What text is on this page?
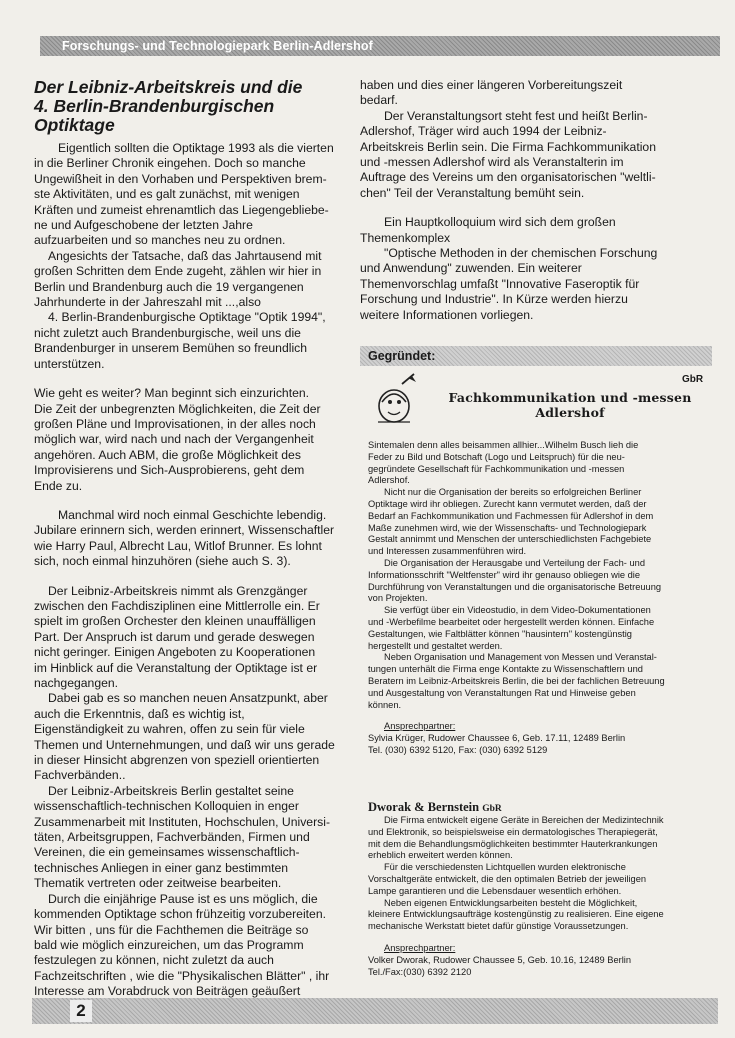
Forschungs- und Technologiepark Berlin-Adlershof
Der Leibniz-Arbeitskreis und die
4. Berlin-Brandenburgischen
Optiktage

Eigentlich sollten die Optiktage 1993 als die vierten
in die Berliner Chronik eingehen. Doch so manche
Ungewißheit in den Vorhaben und Perspektiven brem-
ste Aktivitäten, und es galt zunächst, mit wenigen
Kräften und zumeist ehrenamtlich das Liegengebliebe-
ne und Aufgeschobene der letzten Jahre
aufzuarbeiten und so manches neu zu ordnen.

Angesichts der Tatsache, daß das Jahrtausend mit
großen Schritten dem Ende zugeht, zählen wir hier in
Berlin und Brandenburg auch die 19 vergangenen
Jahrhunderte in der Jahreszahl mit ...,also

4. Berlin-Brandenburgische Optiktage "Optik 1994",
nicht zuletzt auch Brandenburgische, weil uns die
Brandenburger in unserem Bemühen so freundlich
unterstützen.

Wie geht es weiter? Man beginnt sich einzurichten.
Die Zeit der unbegrenzten Möglichkeiten, die Zeit der
großen Pläne und Improvisationen, in der alles noch
möglich war, wird nach und nach der Vergangenheit
angehören. Auch ABM, die große Möglichkeit des
Improvisierens und Sich-Ausprobierens, geht dem
Ende zu.

Manchmal wird noch einmal Geschichte lebendig.
Jubilare erinnern sich, werden erinnert, Wissenschaftler
wie Harry Paul, Albrecht Lau, Witlof Brunner. Es lohnt
sich, noch einmal hinzuhören (siehe auch S. 3).

Der Leibniz-Arbeitskreis nimmt als Grenzgänger
zwischen den Fachdisziplinen eine Mittlerrolle ein. Er
spielt im großen Orchester den kleinen unauffälligen
Part. Der Anspruch ist darum und gerade deswegen
nicht geringer. Einigen Angeboten zu Kooperationen
im Hinblick auf die Veranstaltung der Optiktage ist er
nachgegangen.

Dabei gab es so manchen neuen Ansatzpunkt, aber
auch die Erkenntnis, daß es wichtig ist,
Eigenständigkeit zu wahren, offen zu sein für viele
Themen und Unternehmungen, und daß wir uns gerade
in dieser Hinsicht abgrenzen von speziell orientierten
Fachverbänden..

Der Leibniz-Arbeitskreis Berlin gestaltet seine
wissenschaftlich-technischen Kolloquien in enger
Zusammenarbeit mit Instituten, Hochschulen, Universi-
täten, Arbeitsgruppen, Fachverbänden, Firmen und
Vereinen, die ein gemeinsames wissenschaftlich-
technisches Anliegen in einer ganz bestimmten
Thematik vertreten oder zeitweise bearbeiten.

Durch die einjährige Pause ist es uns möglich, die
kommenden Optiktage schon frühzeitig vorzubereiten.
Wir bitten , uns für die Fachthemen die Beiträge so
bald wie möglich einzureichen, um das Programm
festzulegen zu können, nicht zuletzt da auch
Fachzeitschriften , wie die "Physikalischen Blätter" , ihr
Interesse am Vorabdruck von Beiträgen geäußert

haben und dies einer längeren Vorbereitungszeit
bedarf.

Der Veranstaltungsort steht fest und heißt Berlin-
Adlershof, Träger wird auch 1994 der Leibniz-
Arbeitskreis Berlin sein. Die Firma Fachkommunikation
und -messen Adlershof wird als Veranstalterin im
Auftrage des Vereins um den organisatorischen "weltli-
chen" Teil der Veranstaltung bemüht sein.

Ein Hauptkolloquium wird sich dem großen
Themenkomplex

"Optische Methoden in der chemischen Forschung
und Anwendung" zuwenden. Ein weiterer
Themenvorschlag umfaßt "Innovative Faseroptik für
Forschung und Industrie". In Kürze werden hierzu
weitere Informationen vorliegen.

Gegründet:
GbR
Fachkommunikation und -messen Adlershof

Sintemalen denn alles beisammen allhier...Wilhelm Busch lieh die
Feder zu Bild und Botschaft (Logo und Leitspruch) für die neu-
gegründete Gesellschaft für Fachkommunikation und -messen
Adlershof.

Nicht nur die Organisation der bereits so erfolgreichen Berliner
Optiktage wird ihr obliegen. Zurecht kann vermutet werden, daß der
Bedarf an Fachkommunikation und Fachmessen für Adlershof in dem
Maße zunehmen wird, wie der Wissenschafts- und Technologiepark
Gestalt annimmt und Menschen der unterschiedlichsten Fachgebiete
und Interessen zusammenführen wird.

Die Organisation der Herausgabe und Verteilung der Fach- und
Informationsschrift "Weltfenster" wird ihr genauso obliegen wie die
Durchführung von Veranstaltungen und die organisatorische Betreuung
von Projekten.

Sie verfügt über ein Videostudio, in dem Video-Dokumentationen
und -Werbefilme bearbeitet oder hergestellt werden können. Einfache
Gestaltungen, wie Faltblätter können "hausintern" kostengünstig
hergestellt und gestaltet werden.

Neben Organisation und Management von Messen und Veranstal-
tungen unterhält die Firma enge Kontakte zu Wissenschaftlern und
Beratern im Leibniz-Arbeitskreis Berlin, die bei der fachlichen Betreuung
und Ausgestaltung von Veranstaltungen Rat und Hinweise geben
können.

Ansprechpartner:

Sylvia Krüger, Rudower Chaussee 6, Geb. 17.11, 12489 Berlin
Tel. (030) 6392 5120, Fax: (030) 6392 5129

Dworak & Bernstein GbR

Die Firma entwickelt eigene Geräte in Bereichen der Medizintechnik
und Elektronik, so beispielsweise ein dermatologisches Therapiegerät,
mit dem die Behandlungsmöglichkeiten bestimmter Hauterkrankungen
erheblich erweitert werden können.

Für die verschiedensten Lichtquellen wurden elektronische
Vorschaltgeräte entwickelt, die den optimalen Betrieb der jeweiligen
Lampe garantieren und die Lebensdauer wesentlich erhöhen.

Neben eigenen Entwicklungsarbeiten besteht die Möglichkeit,
kleinere Entwicklungsaufträge kostengünstig zu realisieren. Eine eigene
mechanische Werkstatt bietet dafür günstige Voraussetzungen.

Ansprechpartner:

Volker Dworak, Rudower Chaussee 5, Geb. 10.16, 12489 Berlin
Tel./Fax:(030) 6392 2120

2
